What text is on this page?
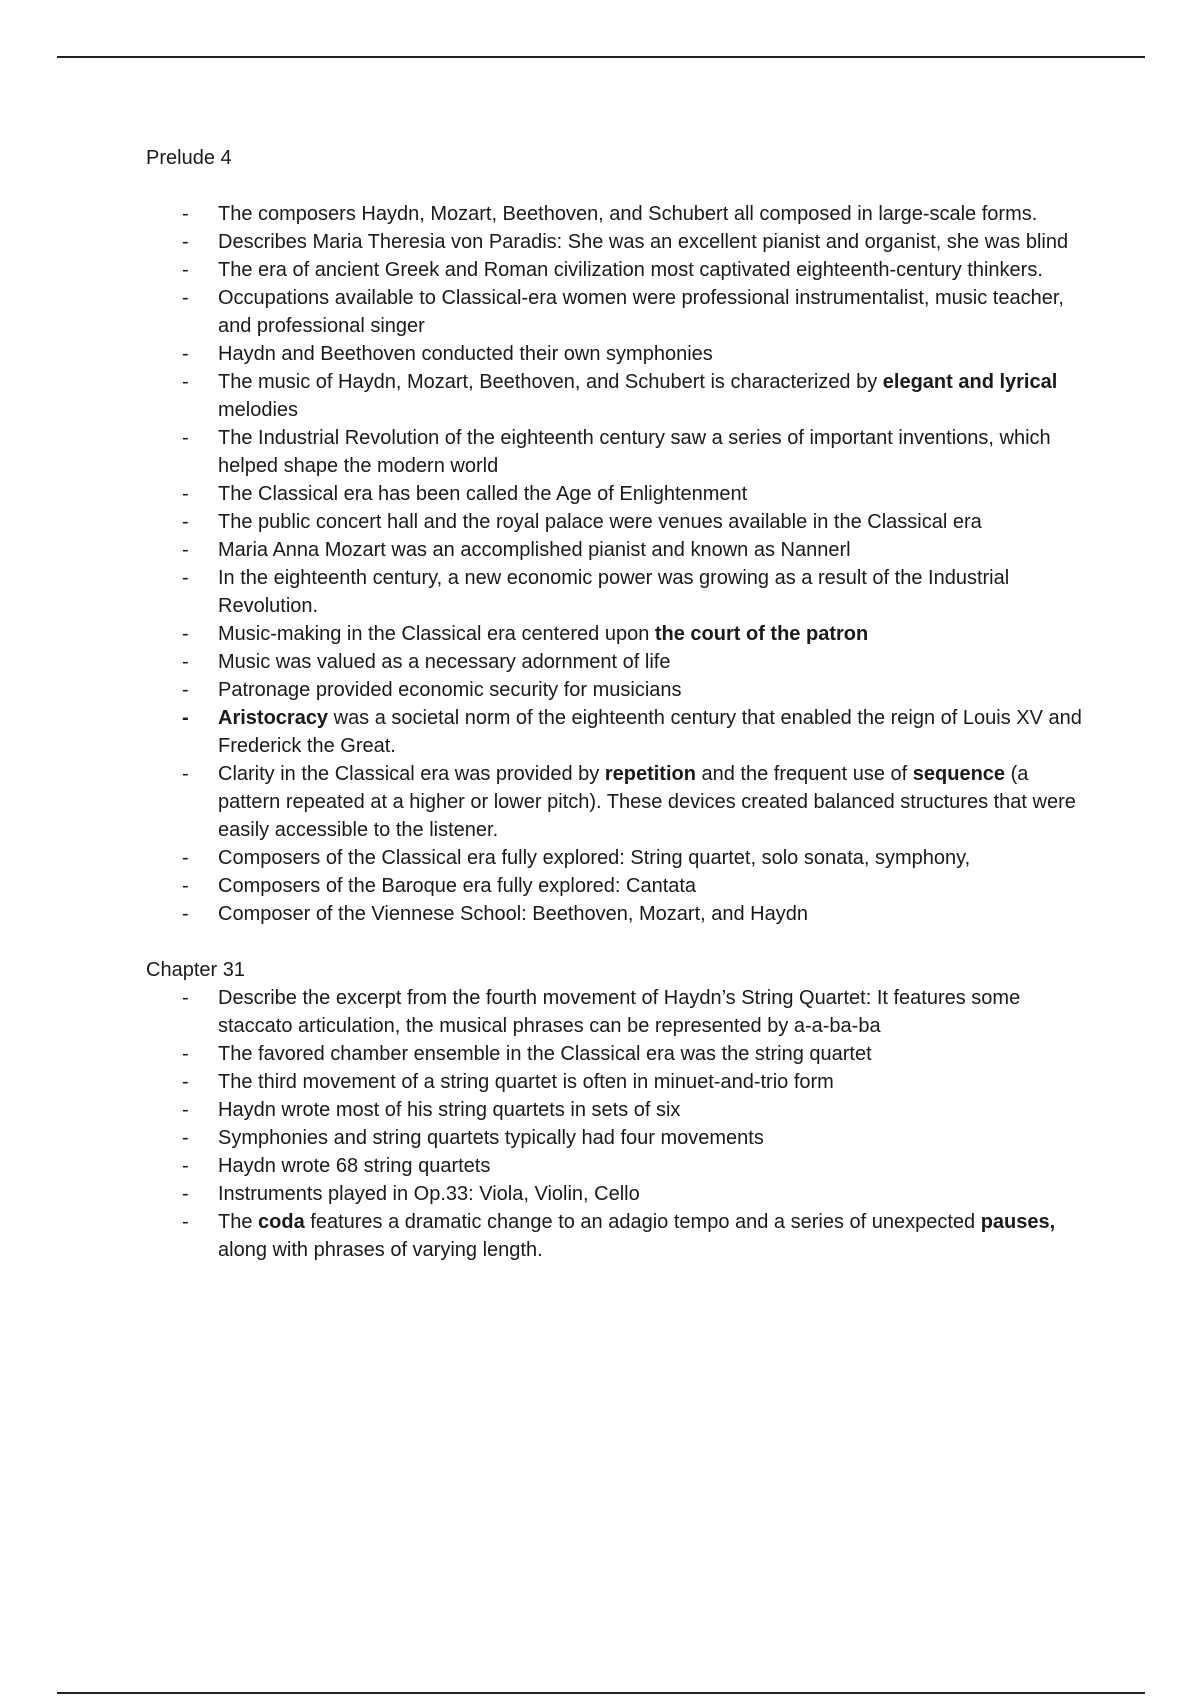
Prelude 4
-	The composers Haydn, Mozart, Beethoven, and Schubert all composed in large-scale forms.
-	Describes Maria Theresia von Paradis: She was an excellent pianist and organist, she was blind
-	The era of ancient Greek and Roman civilization most captivated eighteenth-century thinkers.
-	Occupations available to Classical-era women were professional instrumentalist, music teacher, and professional singer
-	Haydn and Beethoven conducted their own symphonies
-	The music of Haydn, Mozart, Beethoven, and Schubert is characterized by elegant and lyrical melodies
-	The Industrial Revolution of the eighteenth century saw a series of important inventions, which helped shape the modern world
-	The Classical era has been called the Age of Enlightenment
-	The public concert hall and the royal palace were venues available in the Classical era
-	Maria Anna Mozart was an accomplished pianist and known as Nannerl
-	In the eighteenth century, a new economic power was growing as a result of the Industrial Revolution.
-	Music-making in the Classical era centered upon the court of the patron
-	Music was valued as a necessary adornment of life
-	Patronage provided economic security for musicians
-	Aristocracy was a societal norm of the eighteenth century that enabled the reign of Louis XV and Frederick the Great.
-	Clarity in the Classical era was provided by repetition and the frequent use of sequence (a pattern repeated at a higher or lower pitch). These devices created balanced structures that were easily accessible to the listener.
-	Composers of the Classical era fully explored: String quartet, solo sonata, symphony,
-	Composers of the Baroque era fully explored: Cantata
-	Composer of the Viennese School: Beethoven, Mozart, and Haydn
Chapter 31
-	Describe the excerpt from the fourth movement of Haydn’s String Quartet: It features some staccato articulation, the musical phrases can be represented by a-a-ba-ba
-	The favored chamber ensemble in the Classical era was the string quartet
-	The third movement of a string quartet is often in minuet-and-trio form
-	Haydn wrote most of his string quartets in sets of six
-	Symphonies and string quartets typically had four movements
-	Haydn wrote 68 string quartets
-	Instruments played in Op.33: Viola, Violin, Cello
-	The coda features a dramatic change to an adagio tempo and a series of unexpected pauses, along with phrases of varying length.
